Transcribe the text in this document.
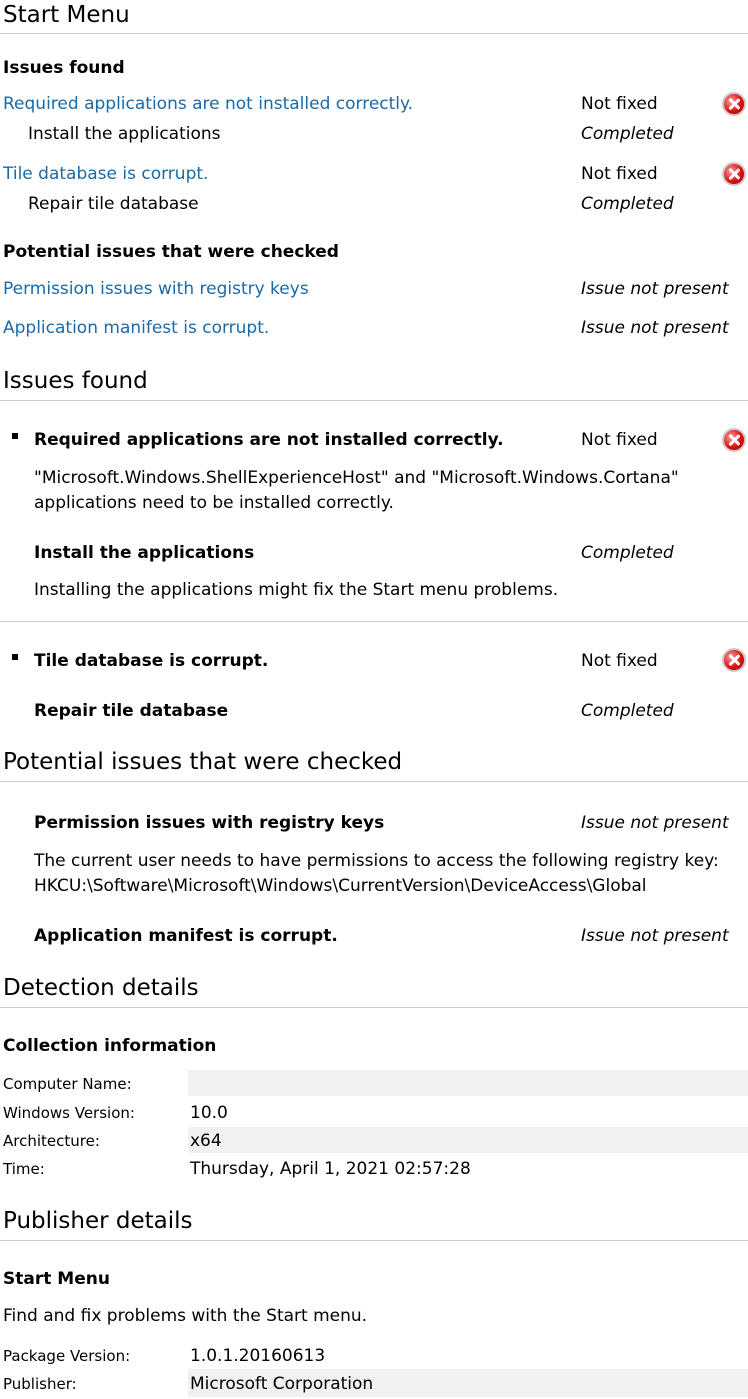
Start Menu
Issues found
Required applications are not installed correctly.	Not fixed
Install the applications	Completed
Tile database is corrupt.	Not fixed
Repair tile database	Completed
Potential issues that were checked
Permission issues with registry keys	Issue not present
Application manifest is corrupt.	Issue not present
Issues found
Required applications are not installed correctly.	Not fixed
"Microsoft.Windows.ShellExperienceHost" and "Microsoft.Windows.Cortana" applications need to be installed correctly.
Install the applications	Completed
Installing the applications might fix the Start menu problems.
Tile database is corrupt.	Not fixed
Repair tile database	Completed
Potential issues that were checked
Permission issues with registry keys	Issue not present
The current user needs to have permissions to access the following registry key: HKCU:\Software\Microsoft\Windows\CurrentVersion\DeviceAccess\Global
Application manifest is corrupt.	Issue not present
Detection details
Collection information
Computer Name:
Windows Version:	10.0
Architecture:	x64
Time:	Thursday, April 1, 2021 02:57:28
Publisher details
Start Menu
Find and fix problems with the Start menu.
Package Version:	1.0.1.20160613
Publisher:	Microsoft Corporation
